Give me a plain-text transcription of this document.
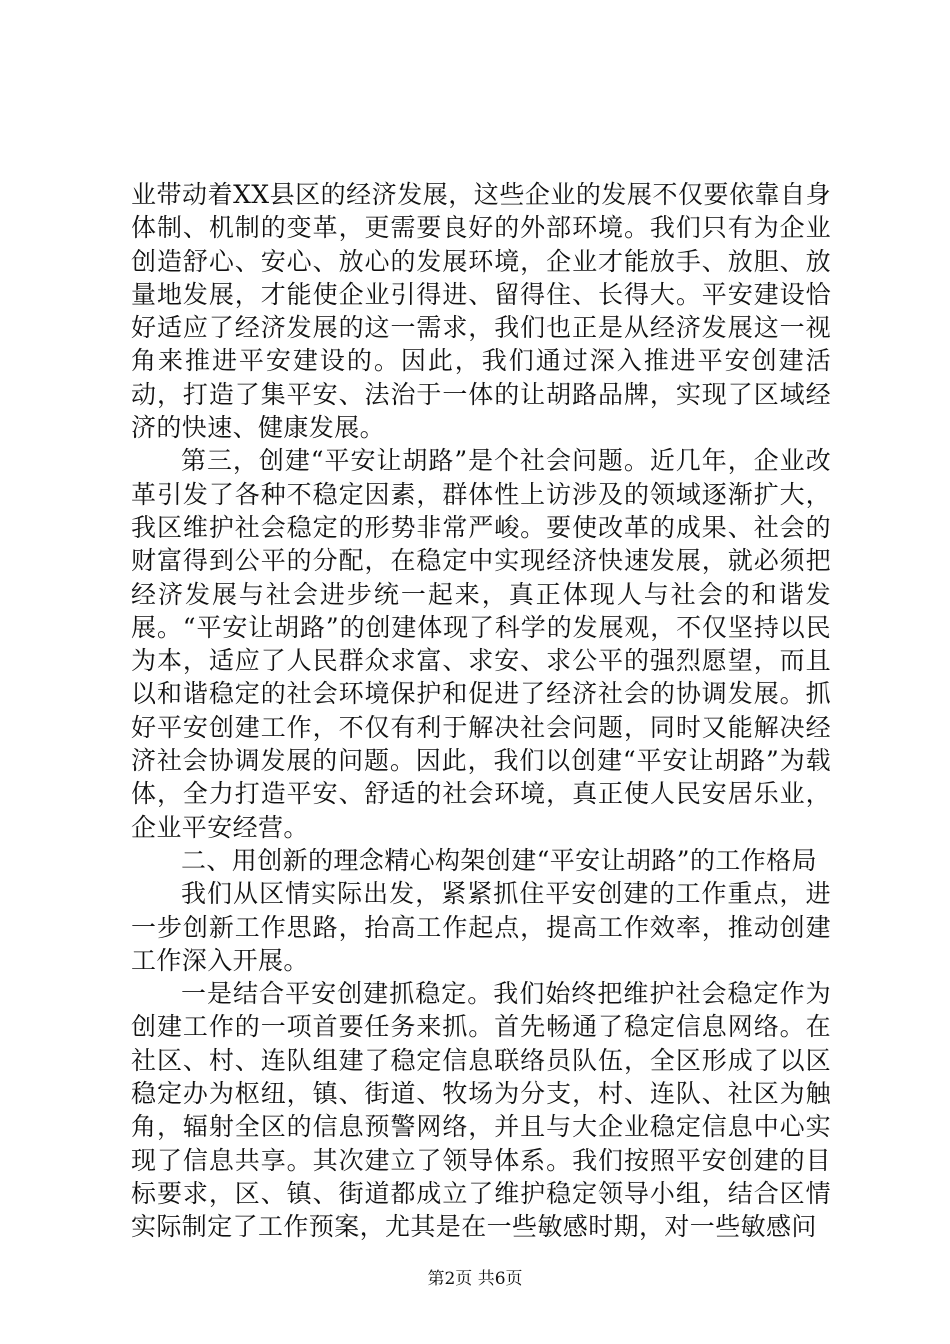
业带动着XX县区的经济发展，这些企业的发展不仅要依靠自身体制、机制的变革，更需要良好的外部环境。我们只有为企业创造舒心、安心、放心的发展环境，企业才能放手、放胆、放量地发展，才能使企业引得进、留得住、长得大。平安建设恰好适应了经济发展的这一需求，我们也正是从经济发展这一视角来推进平安建设的。因此，我们通过深入推进平安创建活动，打造了集平安、法治于一体的让胡路品牌，实现了区域经济的快速、健康发展。

第三，创建“平安让胡路”是个社会问题。近几年，企业改革引发了各种不稳定因素，群体性上访涉及的领域逐渐扩大，我区维护社会稳定的形势非常严峻。要使改革的成果、社会的财富得到公平的分配，在稳定中实现经济快速发展，就必须把经济发展与社会进步统一起来，真正体现人与社会的和谐发展。“平安让胡路”的创建体现了科学的发展观，不仅坚持以民为本，适应了人民群众求富、求安、求公平的强烈愿望，而且以和谐稳定的社会环境保护和促进了经济社会的协调发展。抓好平安创建工作，不仅有利于解决社会问题，同时又能解决经济社会协调发展的问题。因此，我们以创建“平安让胡路”为载体，全力打造平安、舒适的社会环境，真正使人民安居乐业，企业平安经营。

二、用创新的理念精心构架创建“平安让胡路”的工作格局

我们从区情实际出发，紧紧抓住平安创建的工作重点，进一步创新工作思路，抬高工作起点，提高工作效率，推动创建工作深入开展。

一是结合平安创建抓稳定。我们始终把维护社会稳定作为创建工作的一项首要任务来抓。首先畅通了稳定信息网络。在社区、村、连队组建了稳定信息联络员队伍，全区形成了以区稳定办为枢纽，镇、街道、牧场为分支，村、连队、社区为触角，辐射全区的信息预警网络，并且与大企业稳定信息中心实现了信息共享。其次建立了领导体系。我们按照平安创建的目标要求，区、镇、街道都成立了维护稳定领导小组，结合区情实际制定了工作预案，尤其是在一些敏感时期，对一些敏感问

第2页 共6页
